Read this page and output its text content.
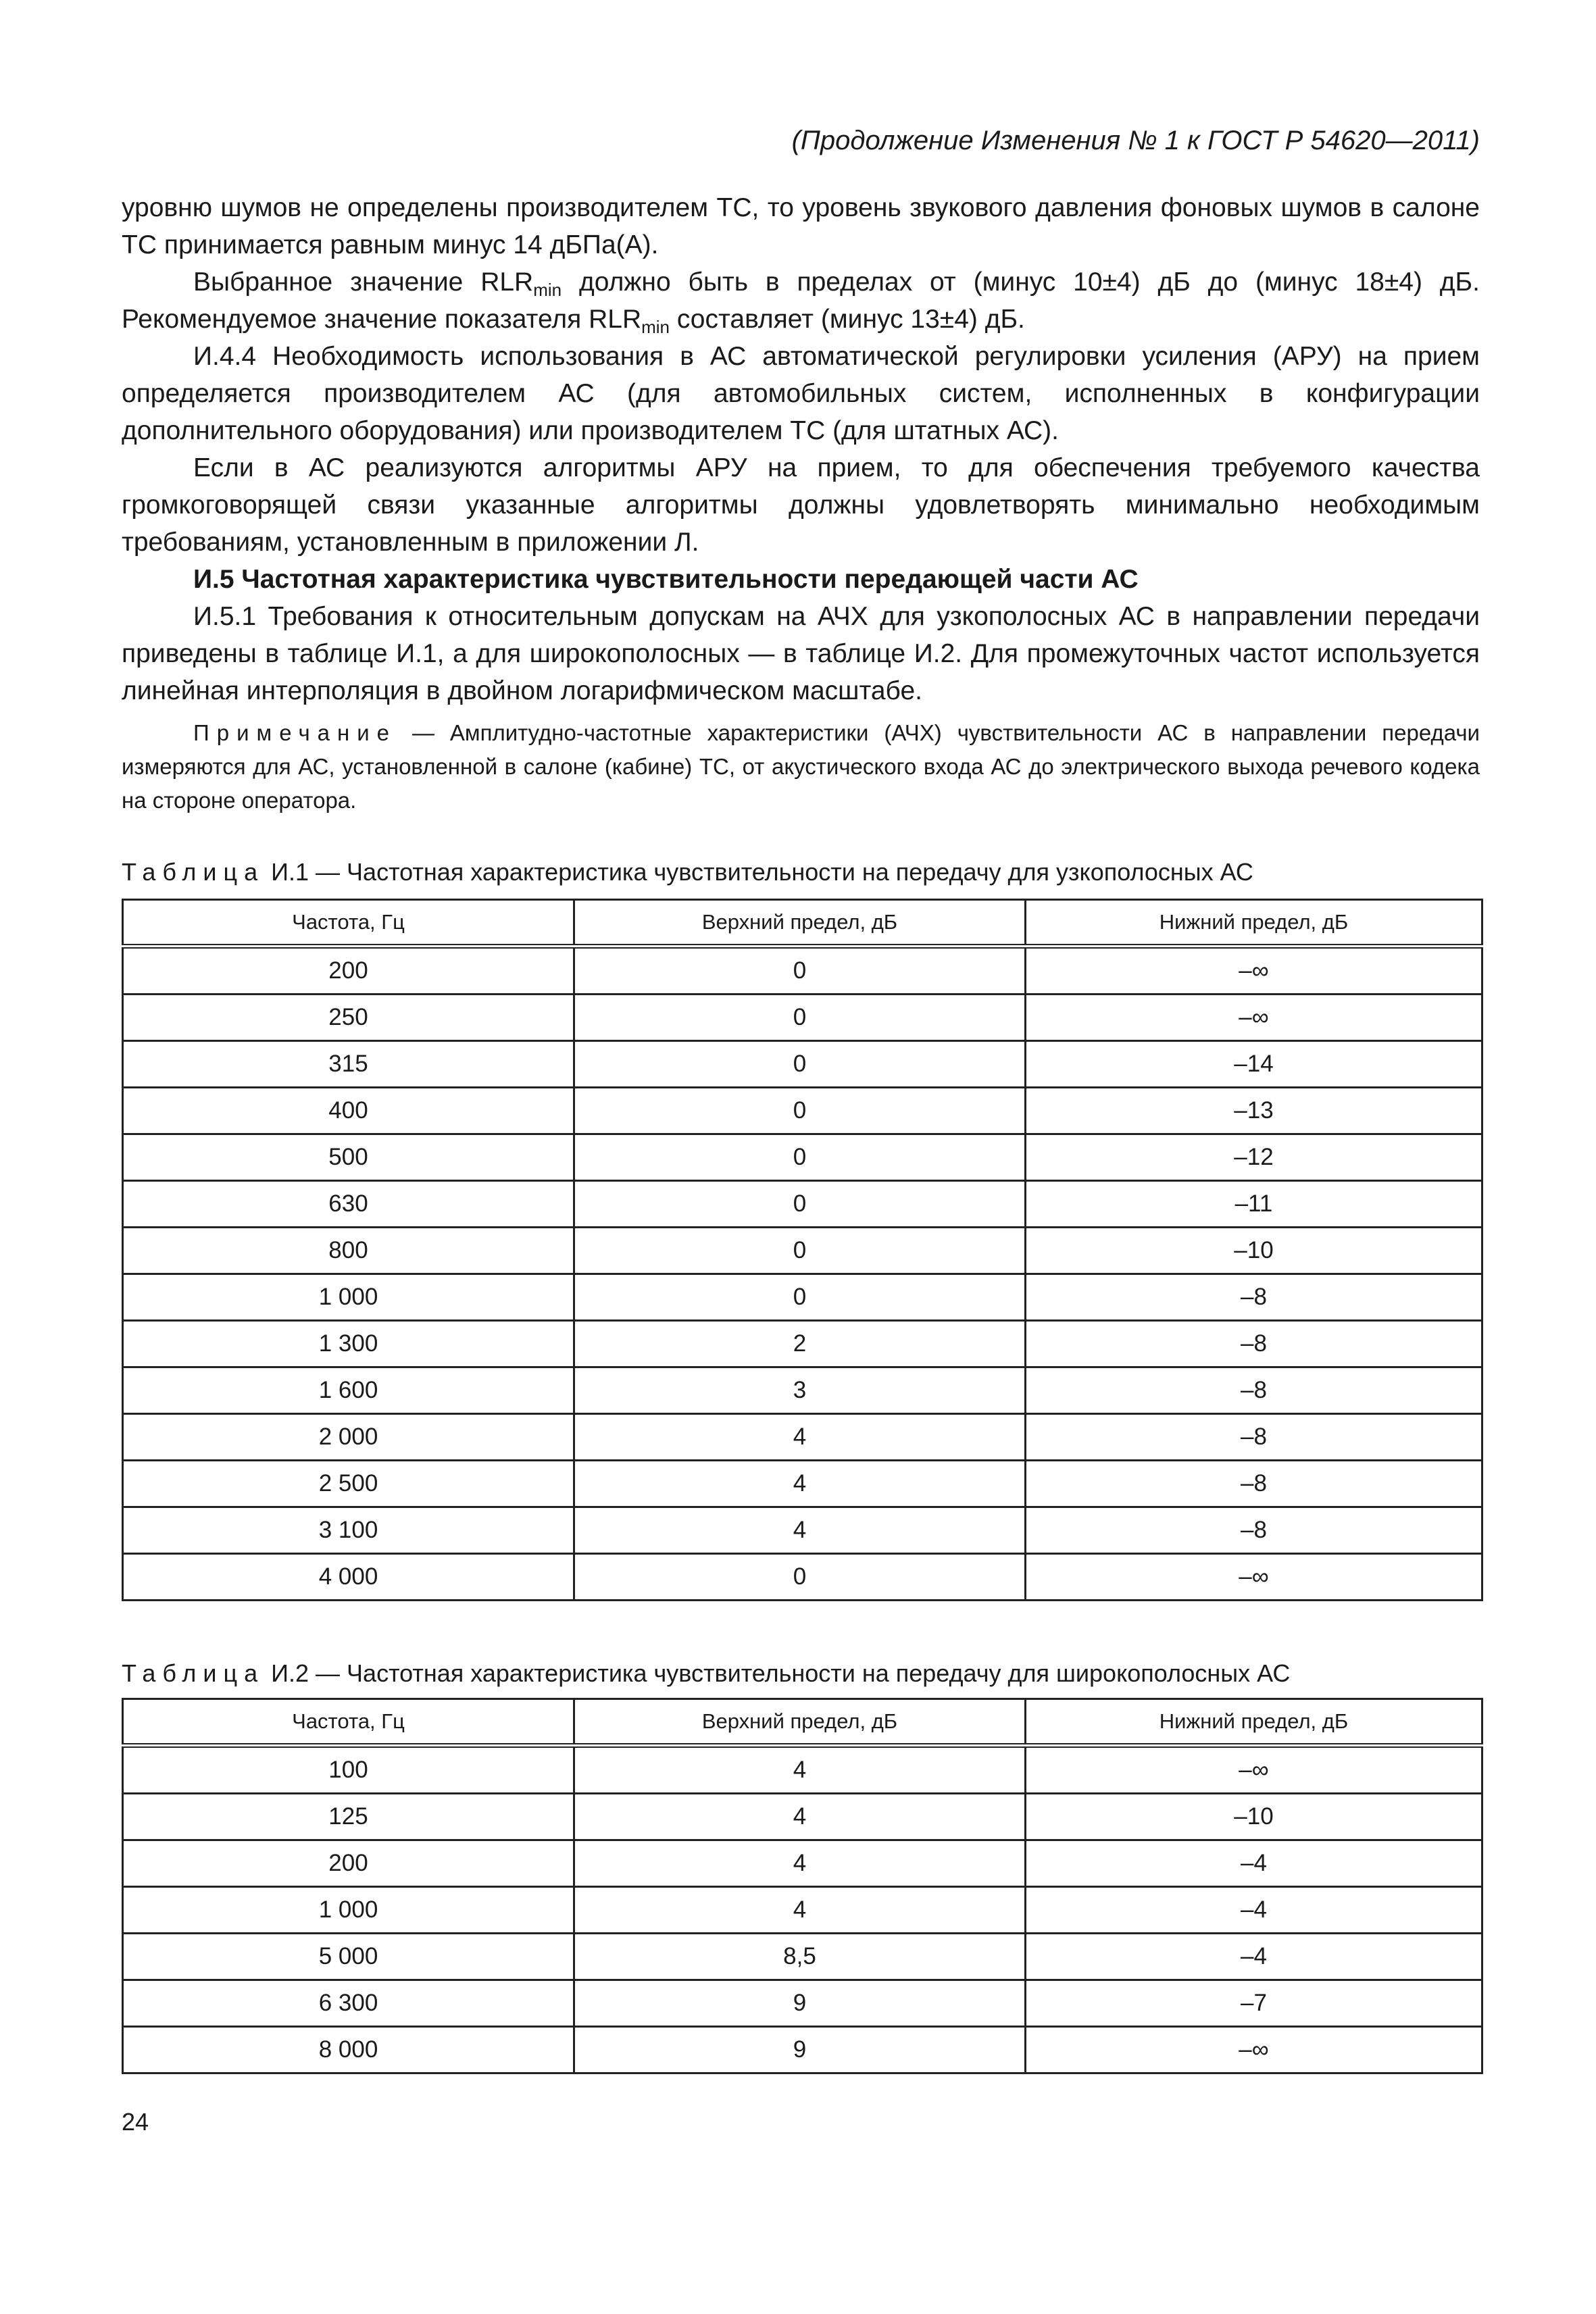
(Продолжение Изменения № 1 к ГОСТ Р 54620—2011)

уровню шумов не определены производителем ТС, то уровень звукового давления фоновых шумов в салоне ТС принимается равным минус 14 дБПа(А).

Выбранное значение $RLR_{min}$ должно быть в пределах от (минус 10±4) дБ до (минус 18±4) дБ. Рекомендуемое значение показателя $RLR_{min}$ составляет (минус 13±4) дБ.

И.4.4 Необходимость использования в АС автоматической регулировки усиления (АРУ) на прием определяется производителем АС (для автомобильных систем, исполненных в конфигурации дополнительного оборудования) или производителем ТС (для штатных АС).

Если в АС реализуются алгоритмы АРУ на прием, то для обеспечения требуемого качества громкоговорящей связи указанные алгоритмы должны удовлетворять минимально необходимым требованиям, установленным в приложении Л.

И.5 Частотная характеристика чувствительности передающей части АС

И.5.1 Требования к относительным допускам на АЧХ для узкополосных АС в направлении передачи приведены в таблице И.1, а для широкополосных — в таблице И.2. Для промежуточных частот используется линейная интерполяция в двойном логарифмическом масштабе.

Примечание — Амплитудно-частотные характеристики (АЧХ) чувствительности АС в направлении передачи измеряются для АС, установленной в салоне (кабине) ТС, от акустического входа АС до электрического выхода речевого кодека на стороне оператора.
Таблица И.1 — Частотная характеристика чувствительности на передачу для узкополосных АС
Частота, Гц	Верхний предел, дБ	Нижний предел, дБ
200	0	–∞
250	0	–∞
315	0	–14
400	0	–13
500	0	–12
630	0	–11
800	0	–10
1 000	0	–8
1 300	2	–8
1 600	3	–8
2 000	4	–8
2 500	4	–8
3 100	4	–8
4 000	0	–∞
Таблица И.2 — Частотная характеристика чувствительности на передачу для широкополосных АС
Частота, Гц	Верхний предел, дБ	Нижний предел, дБ
100	4	–∞
125	4	–10
200	4	–4
1 000	4	–4
5 000	8,5	–4
6 300	9	–7
8 000	9	–∞
24
